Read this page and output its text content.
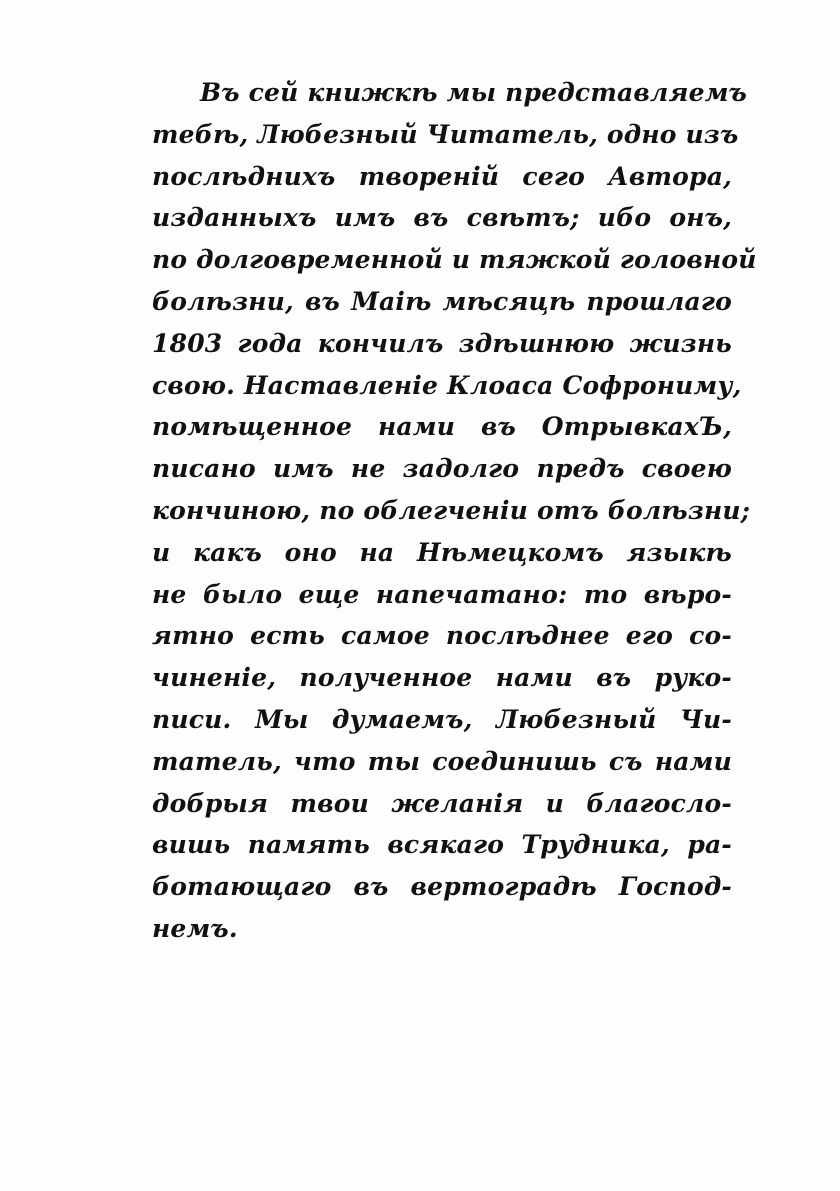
Въ сей книжкѣ мы представляемъ
тебѣ, Любезный Читатель, одно изъ
послѣднихъ твореній сего Автора,
изданныхъ имъ въ свѣтъ; ибо онъ,
по долговременной и тяжкой головной
болѣзни, въ Маіѣ мѣсяцѣ прошлаго
1803 года кончилъ здѣшнюю жизнь
свою. Наставленіе Клоаса Софрониму,
помѣщенное нами въ ОтрывкахЪ,
писано имъ не задолго предъ своею
кончиною, по облегченіи отъ болѣзни;
и какъ оно на Нѣмецкомъ языкѣ
не было еще напечатано: то вѣро-
ятно есть самое послѣднее его со-
чиненіе, полученное нами въ руко-
писи. Мы думаемъ, Любезный Чи-
татель, что ты соединишь съ нами
добрыя твои желанія и благосло-
вишь память всякаго Трудника, ра-
ботающаго въ вертоградѣ Господ-
немъ.
